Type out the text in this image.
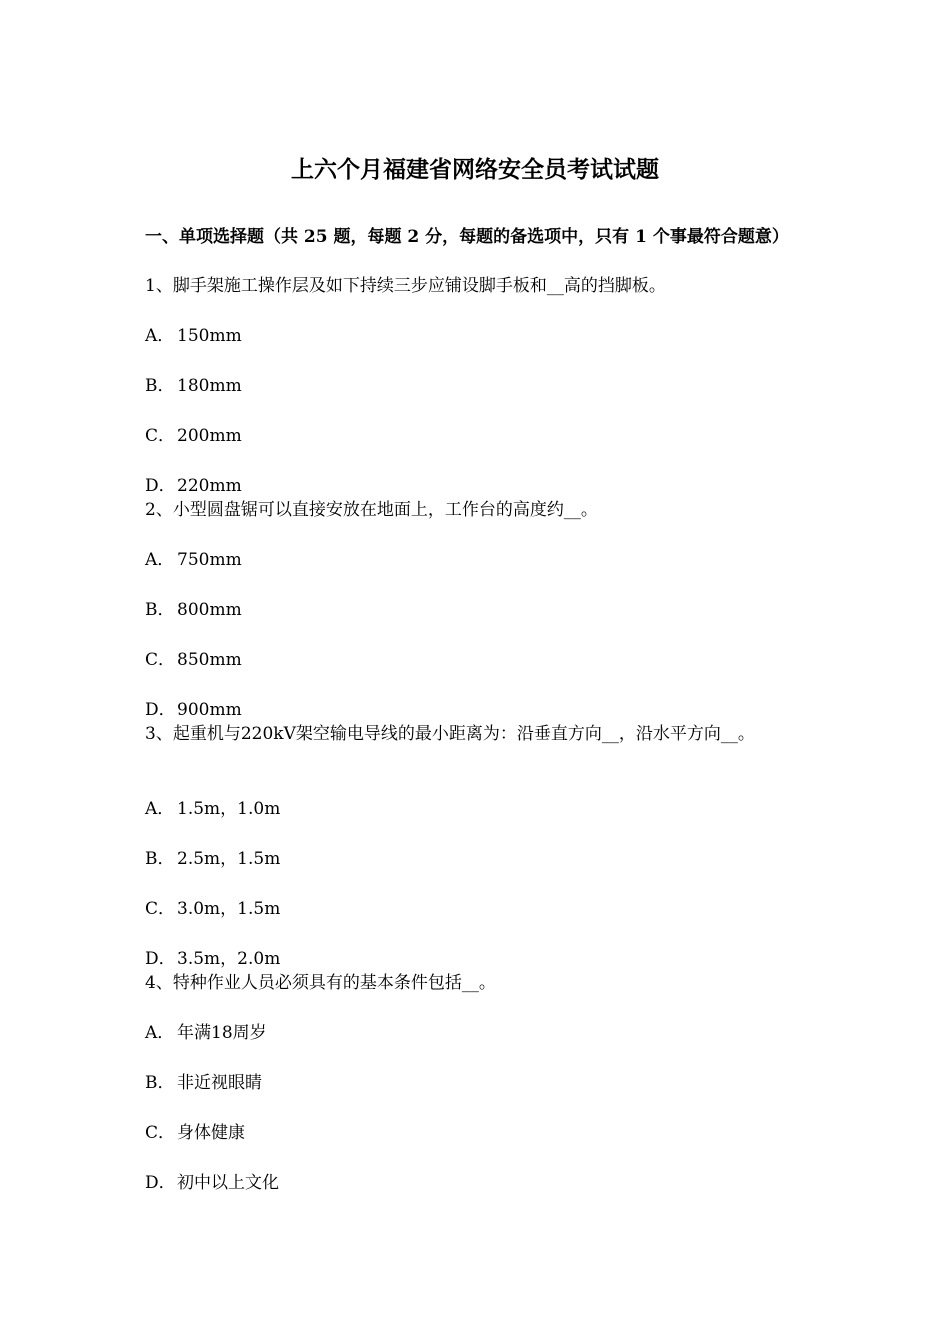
上六个月福建省网络安全员考试试题
一、单项选择题（共 25 题，每题 2 分，每题的备选项中，只有 1 个事最符合题意）
1、脚手架施工操作层及如下持续三步应铺设脚手板和__高的挡脚板。
A． 150mm
B． 180mm
C． 200mm
D． 220mm
2、小型圆盘锯可以直接安放在地面上，工作台的高度约__。
A． 750mm
B． 800mm
C． 850mm
D． 900mm
3、起重机与220kV架空输电导线的最小距离为：沿垂直方向__，沿水平方向__。
A． 1.5m，1.0m
B． 2.5m，1.5m
C． 3.0m，1.5m
D． 3.5m，2.0m
4、特种作业人员必须具有的基本条件包括__。
A． 年满18周岁
B． 非近视眼睛
C． 身体健康
D． 初中以上文化
